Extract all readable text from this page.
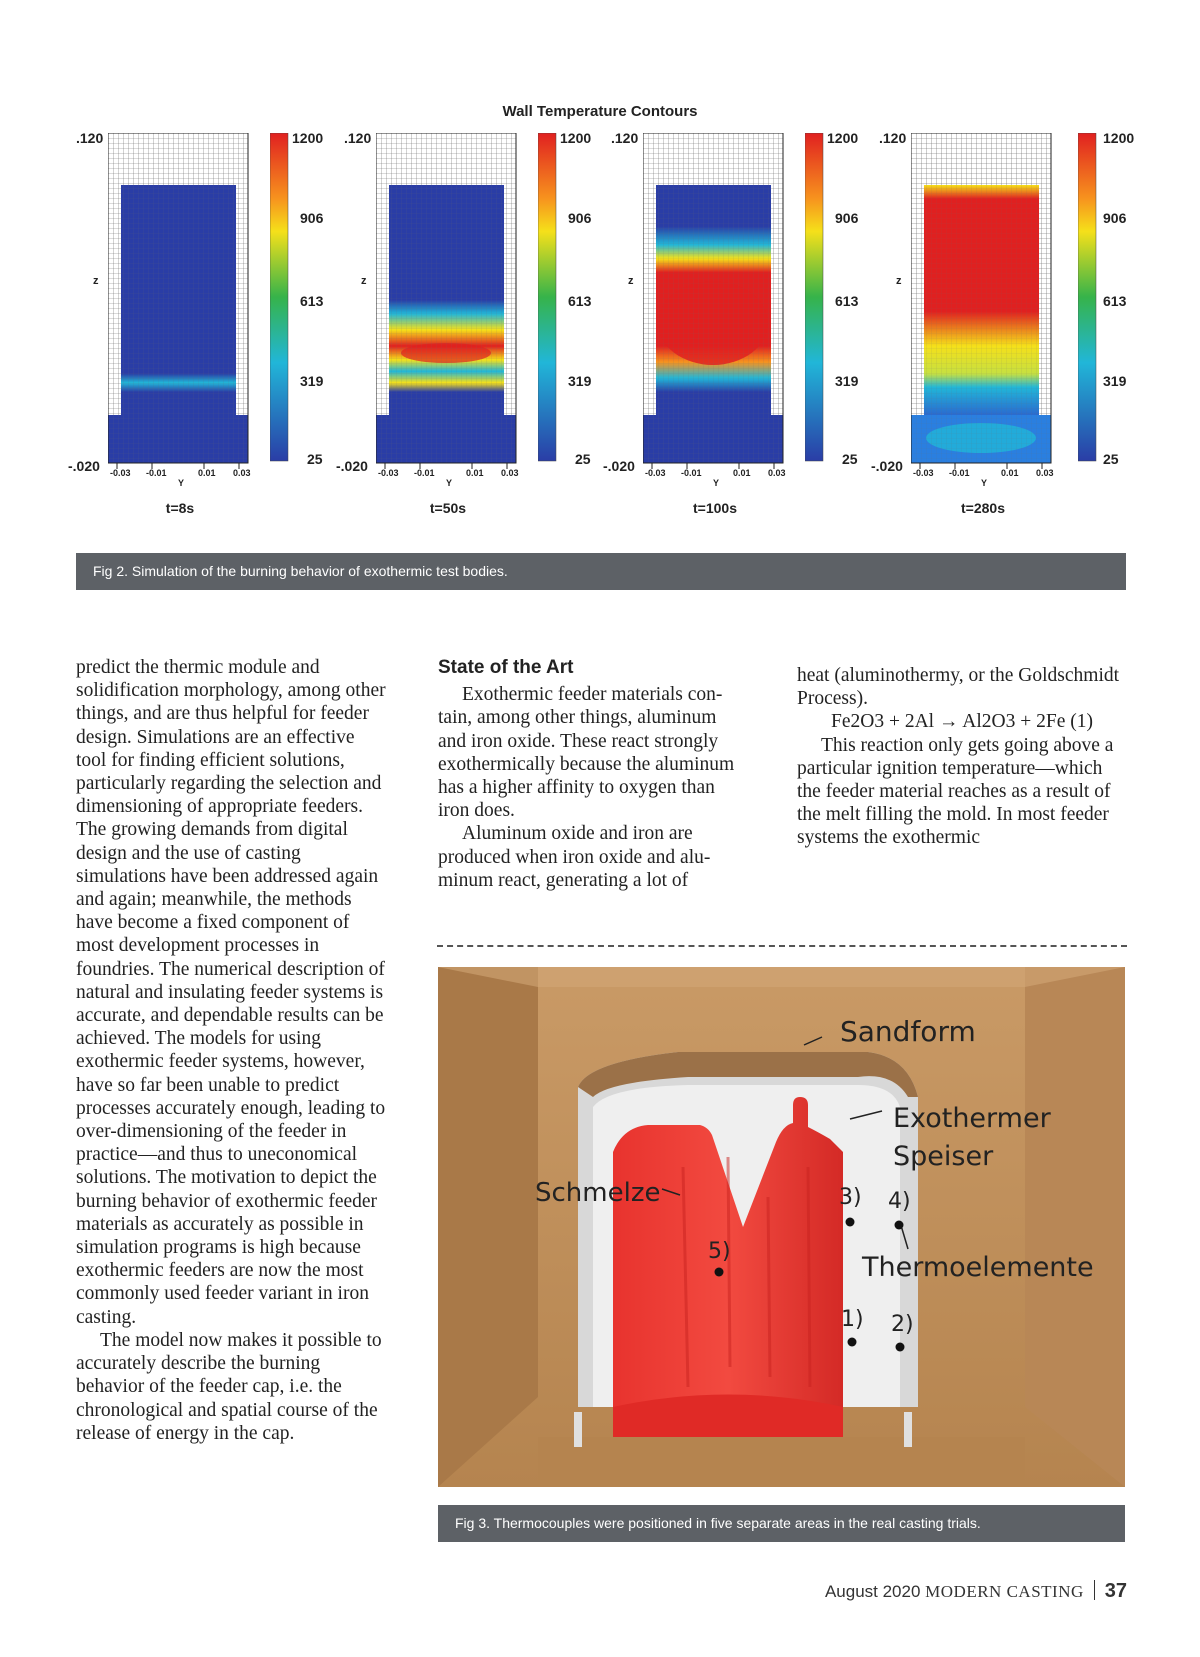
Wall Temperature Contours
.120
-.020
z
-0.03 -0.01	0.01 0.03
Y
1200
906
613
319
25
t=8s
.120
-.020
z
-0.03 -0.01	0.01 0.03
Y
1200
906
613
319
25
t=50s
.120
-.020
z
-0.03 -0.01	0.01 0.03
Y
1200
906
613
319
25
t=100s
.120
-.020
z
-0.03 -0.01	0.01 0.03
Y
1200
906
613
319
25
t=280s
Fig 2. Simulation of the burning behavior of exothermic test bodies.

predict the thermic module and solidification morphology, among other things, and are thus helpful for feeder design. Simulations are an effective tool for finding efficient solutions, particularly regarding the selection and dimensioning of appropriate feeders. The growing demands from digital design and the use of casting simulations have been addressed again and again; meanwhile, the methods have become a fixed component of most development processes in foundries. The numerical description of natural and insulating feeder systems is accurate, and dependable results can be achieved. The models for using exothermic feeder systems, however, have so far been unable to predict processes accurately enough, leading to over-dimensioning of the feeder in practice—and thus to uneconomical solutions. The motivation to depict the burning behavior of exothermic feeder materials as accurately as possible in simulation programs is high because exothermic feeders are now the most commonly used feeder variant in iron casting.

The model now makes it possible to accurately describe the burning behavior of the feeder cap, i.e. the chronological and spatial course of the release of energy in the cap.

State of the Art

Exothermic feeder materials contain, among other things, aluminum and iron oxide. These react strongly exothermically because the aluminum has a higher affinity to oxygen than iron does.

Aluminum oxide and iron are produced when iron oxide and aluminum react, generating a lot of

heat (aluminothermy, or the Goldschmidt Process).

Fe2O3 + 2Al → Al2O3 + 2Fe (1)

This reaction only gets going above a particular ignition temperature—which the feeder material reaches as a result of the melt filling the mold. In most feeder systems the exothermic

Sandform
Exothermer
Speiser
Schmelze
Thermoelemente
3) 4)
5)
1) 2)
Fig 3. Thermocouples were positioned in five separate areas in the real casting trials.
August 2020 MODERN CASTING 37
